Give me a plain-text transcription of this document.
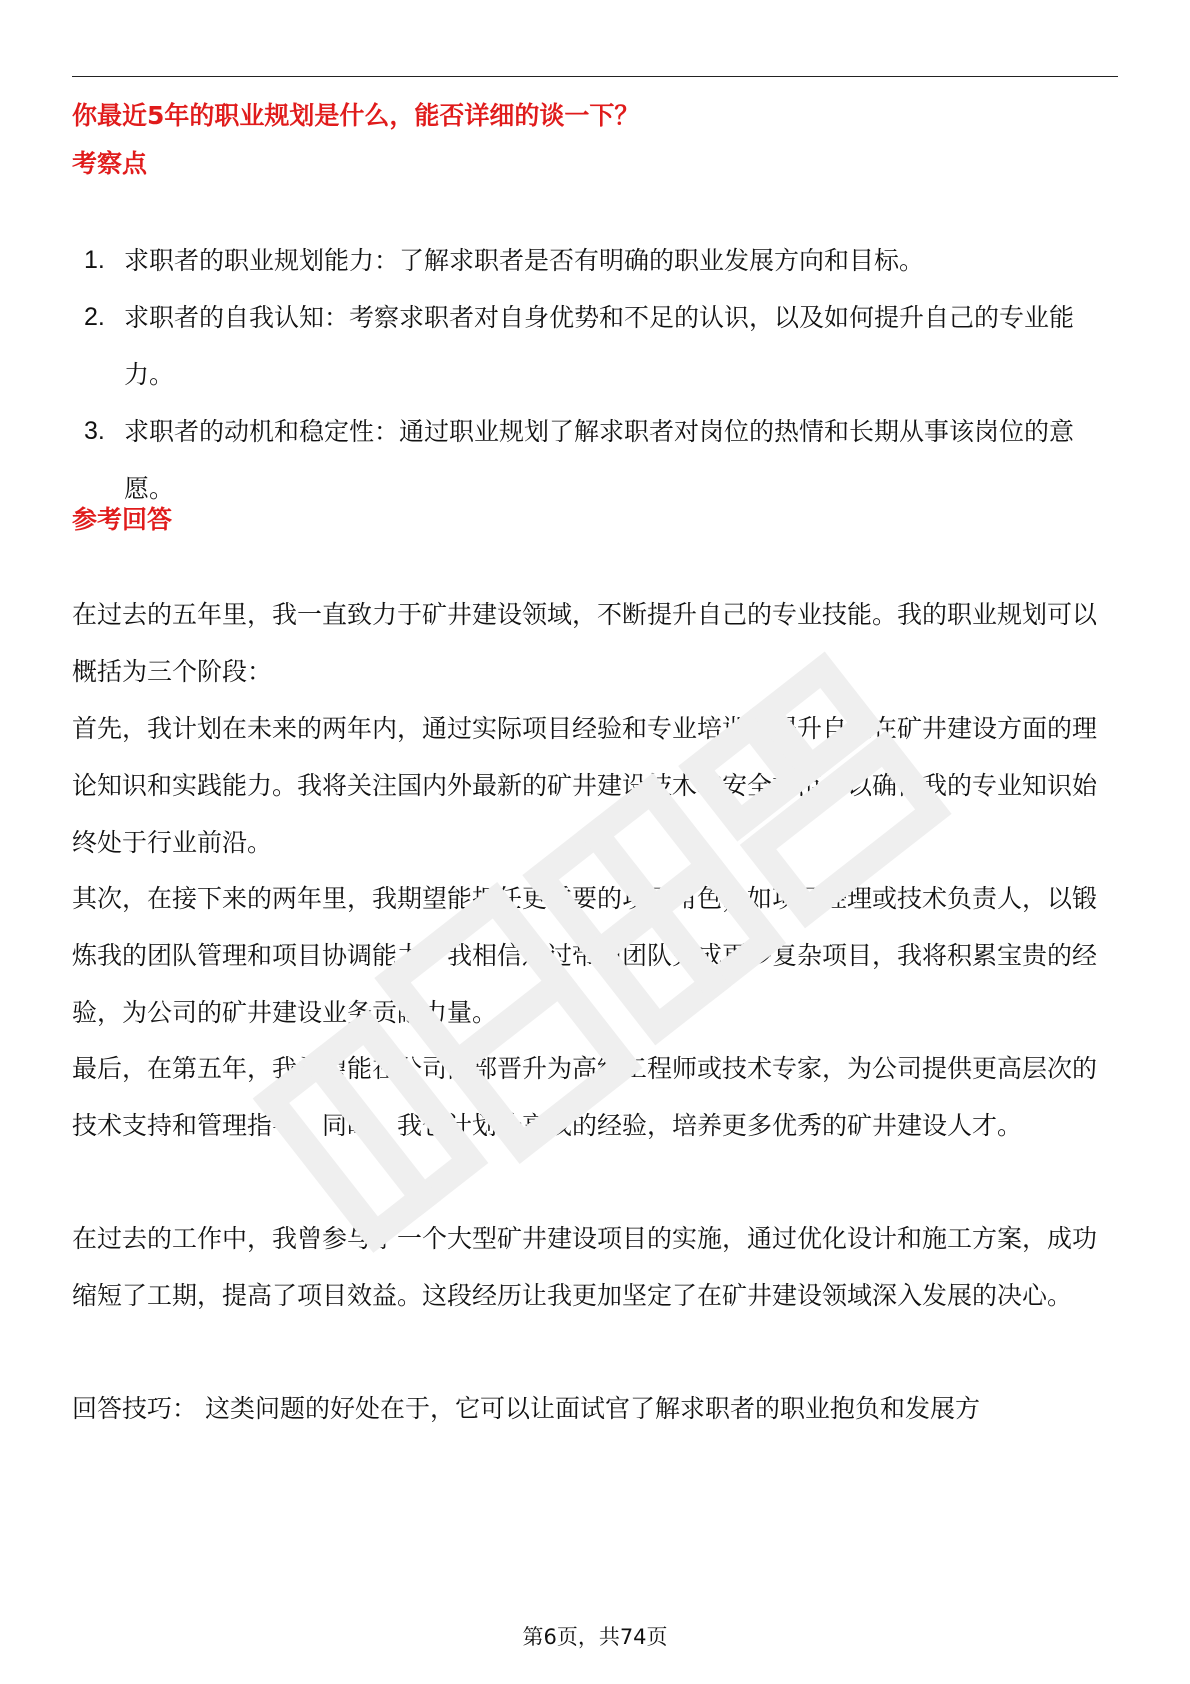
你最近5年的职业规划是什么，能否详细的谈一下？
考察点
1. 求职者的职业规划能力：了解求职者是否有明确的职业发展方向和目标。
2. 求职者的自我认知：考察求职者对自身优势和不足的认识，以及如何提升自己的专业能力。
3. 求职者的动机和稳定性：通过职业规划了解求职者对岗位的热情和长期从事该岗位的意愿。
参考回答

在过去的五年里，我一直致力于矿井建设领域，不断提升自己的专业技能。我的职业规划可以概括为三个阶段：

首先，我计划在未来的两年内，通过实际项目经验和专业培训，提升自己在矿井建设方面的理论知识和实践能力。我将关注国内外最新的矿井建设技术和安全规范，以确保我的专业知识始终处于行业前沿。

其次，在接下来的两年里，我期望能担任更重要的项目角色，如项目经理或技术负责人，以锻炼我的团队管理和项目协调能力。我相信通过带领团队完成更多复杂项目，我将积累宝贵的经验，为公司的矿井建设业务贡献力量。

最后，在第五年，我希望能在公司内部晋升为高级工程师或技术专家，为公司提供更高层次的技术支持和管理指导。同时，我也计划分享我的经验，培养更多优秀的矿井建设人才。

在过去的工作中，我曾参与了一个大型矿井建设项目的实施，通过优化设计和施工方案，成功缩短了工期，提高了项目效益。这段经历让我更加坚定了在矿井建设领域深入发展的决心。

回答技巧： 这类问题的好处在于，它可以让面试官了解求职者的职业抱负和发展方

第6页，共74页
